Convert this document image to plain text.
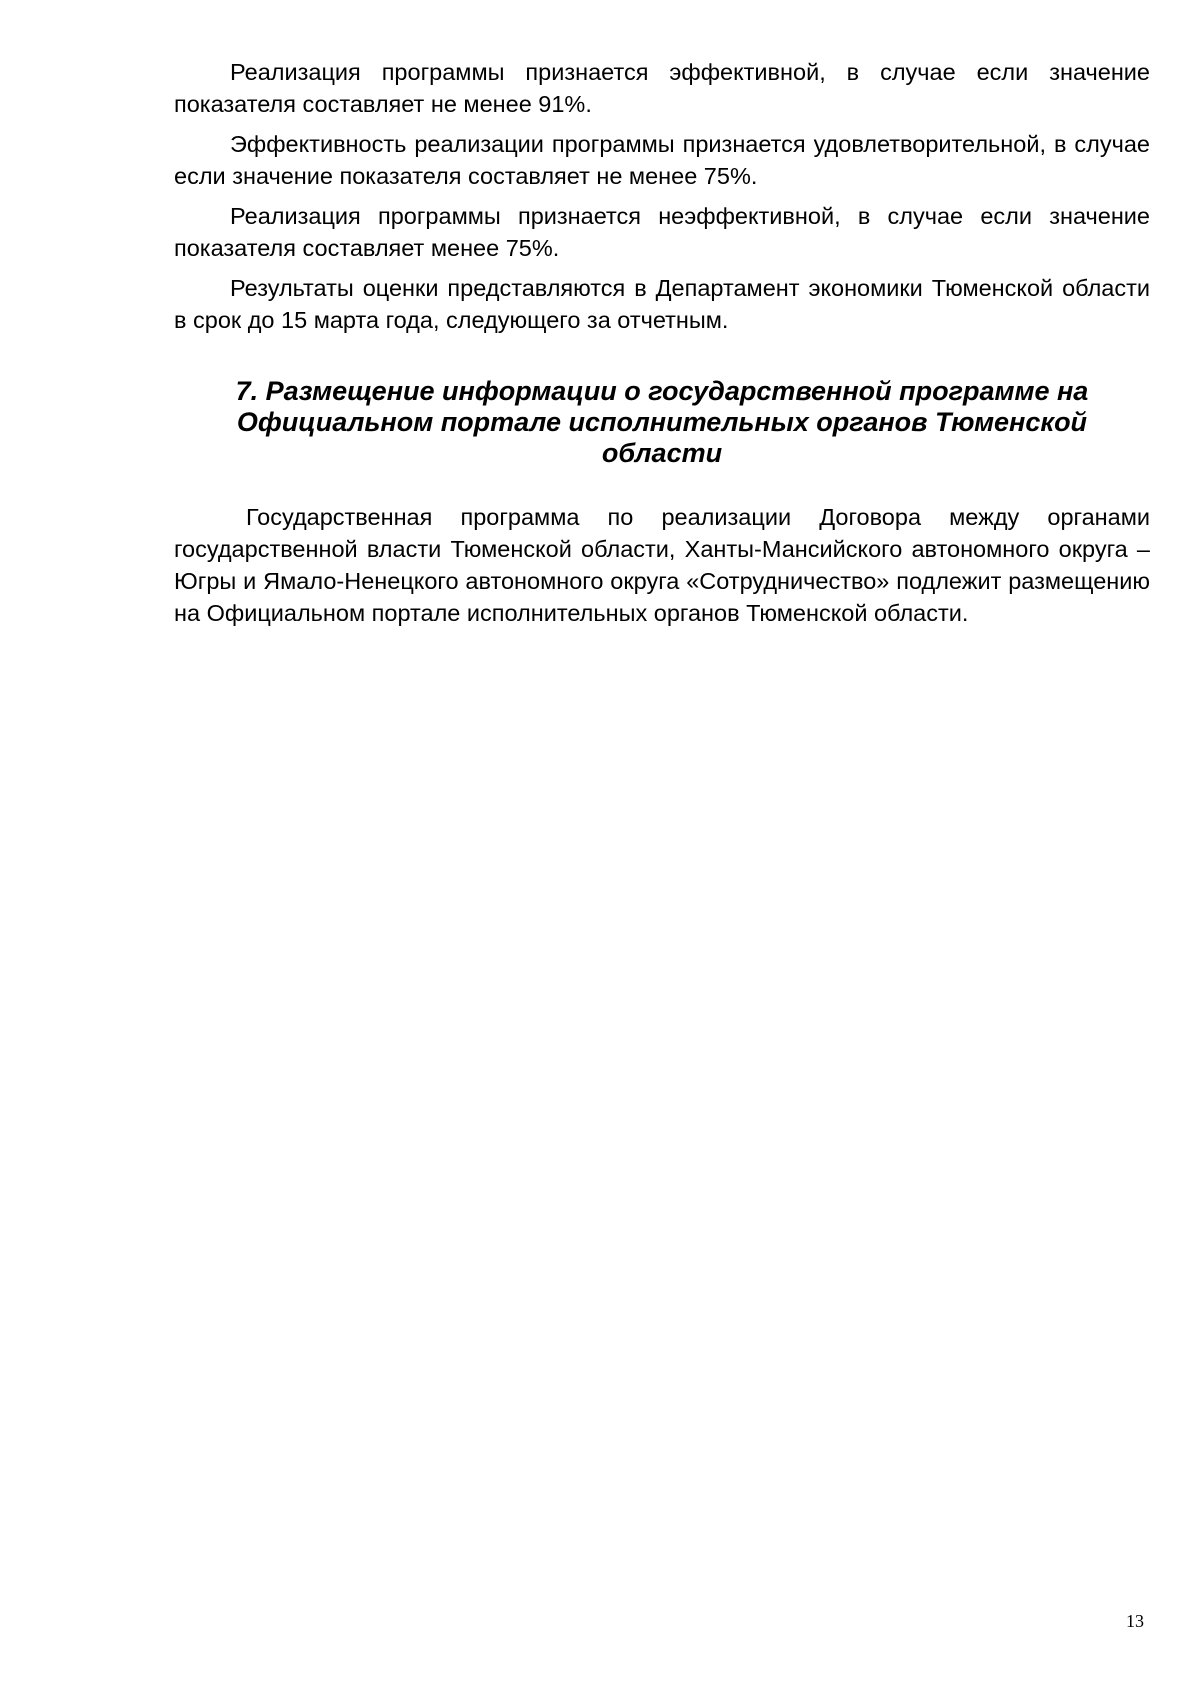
Реализация программы признается эффективной, в случае если значение показателя составляет не менее 91%.

Эффективность реализации программы признается удовлетворительной, в случае если значение показателя составляет не менее 75%.

Реализация программы признается неэффективной, в случае если значение показателя составляет менее 75%.

Результаты оценки представляются в Департамент экономики Тюменской области в срок до 15 марта года, следующего за отчетным.

7. Размещение информации о государственной программе на Официальном портале исполнительных органов Тюменской области

Государственная программа по реализации Договора между органами государственной власти Тюменской области, Ханты-Мансийского автономного округа – Югры и Ямало-Ненецкого автономного округа «Сотрудничество» подлежит размещению на Официальном портале исполнительных органов Тюменской области.

13
